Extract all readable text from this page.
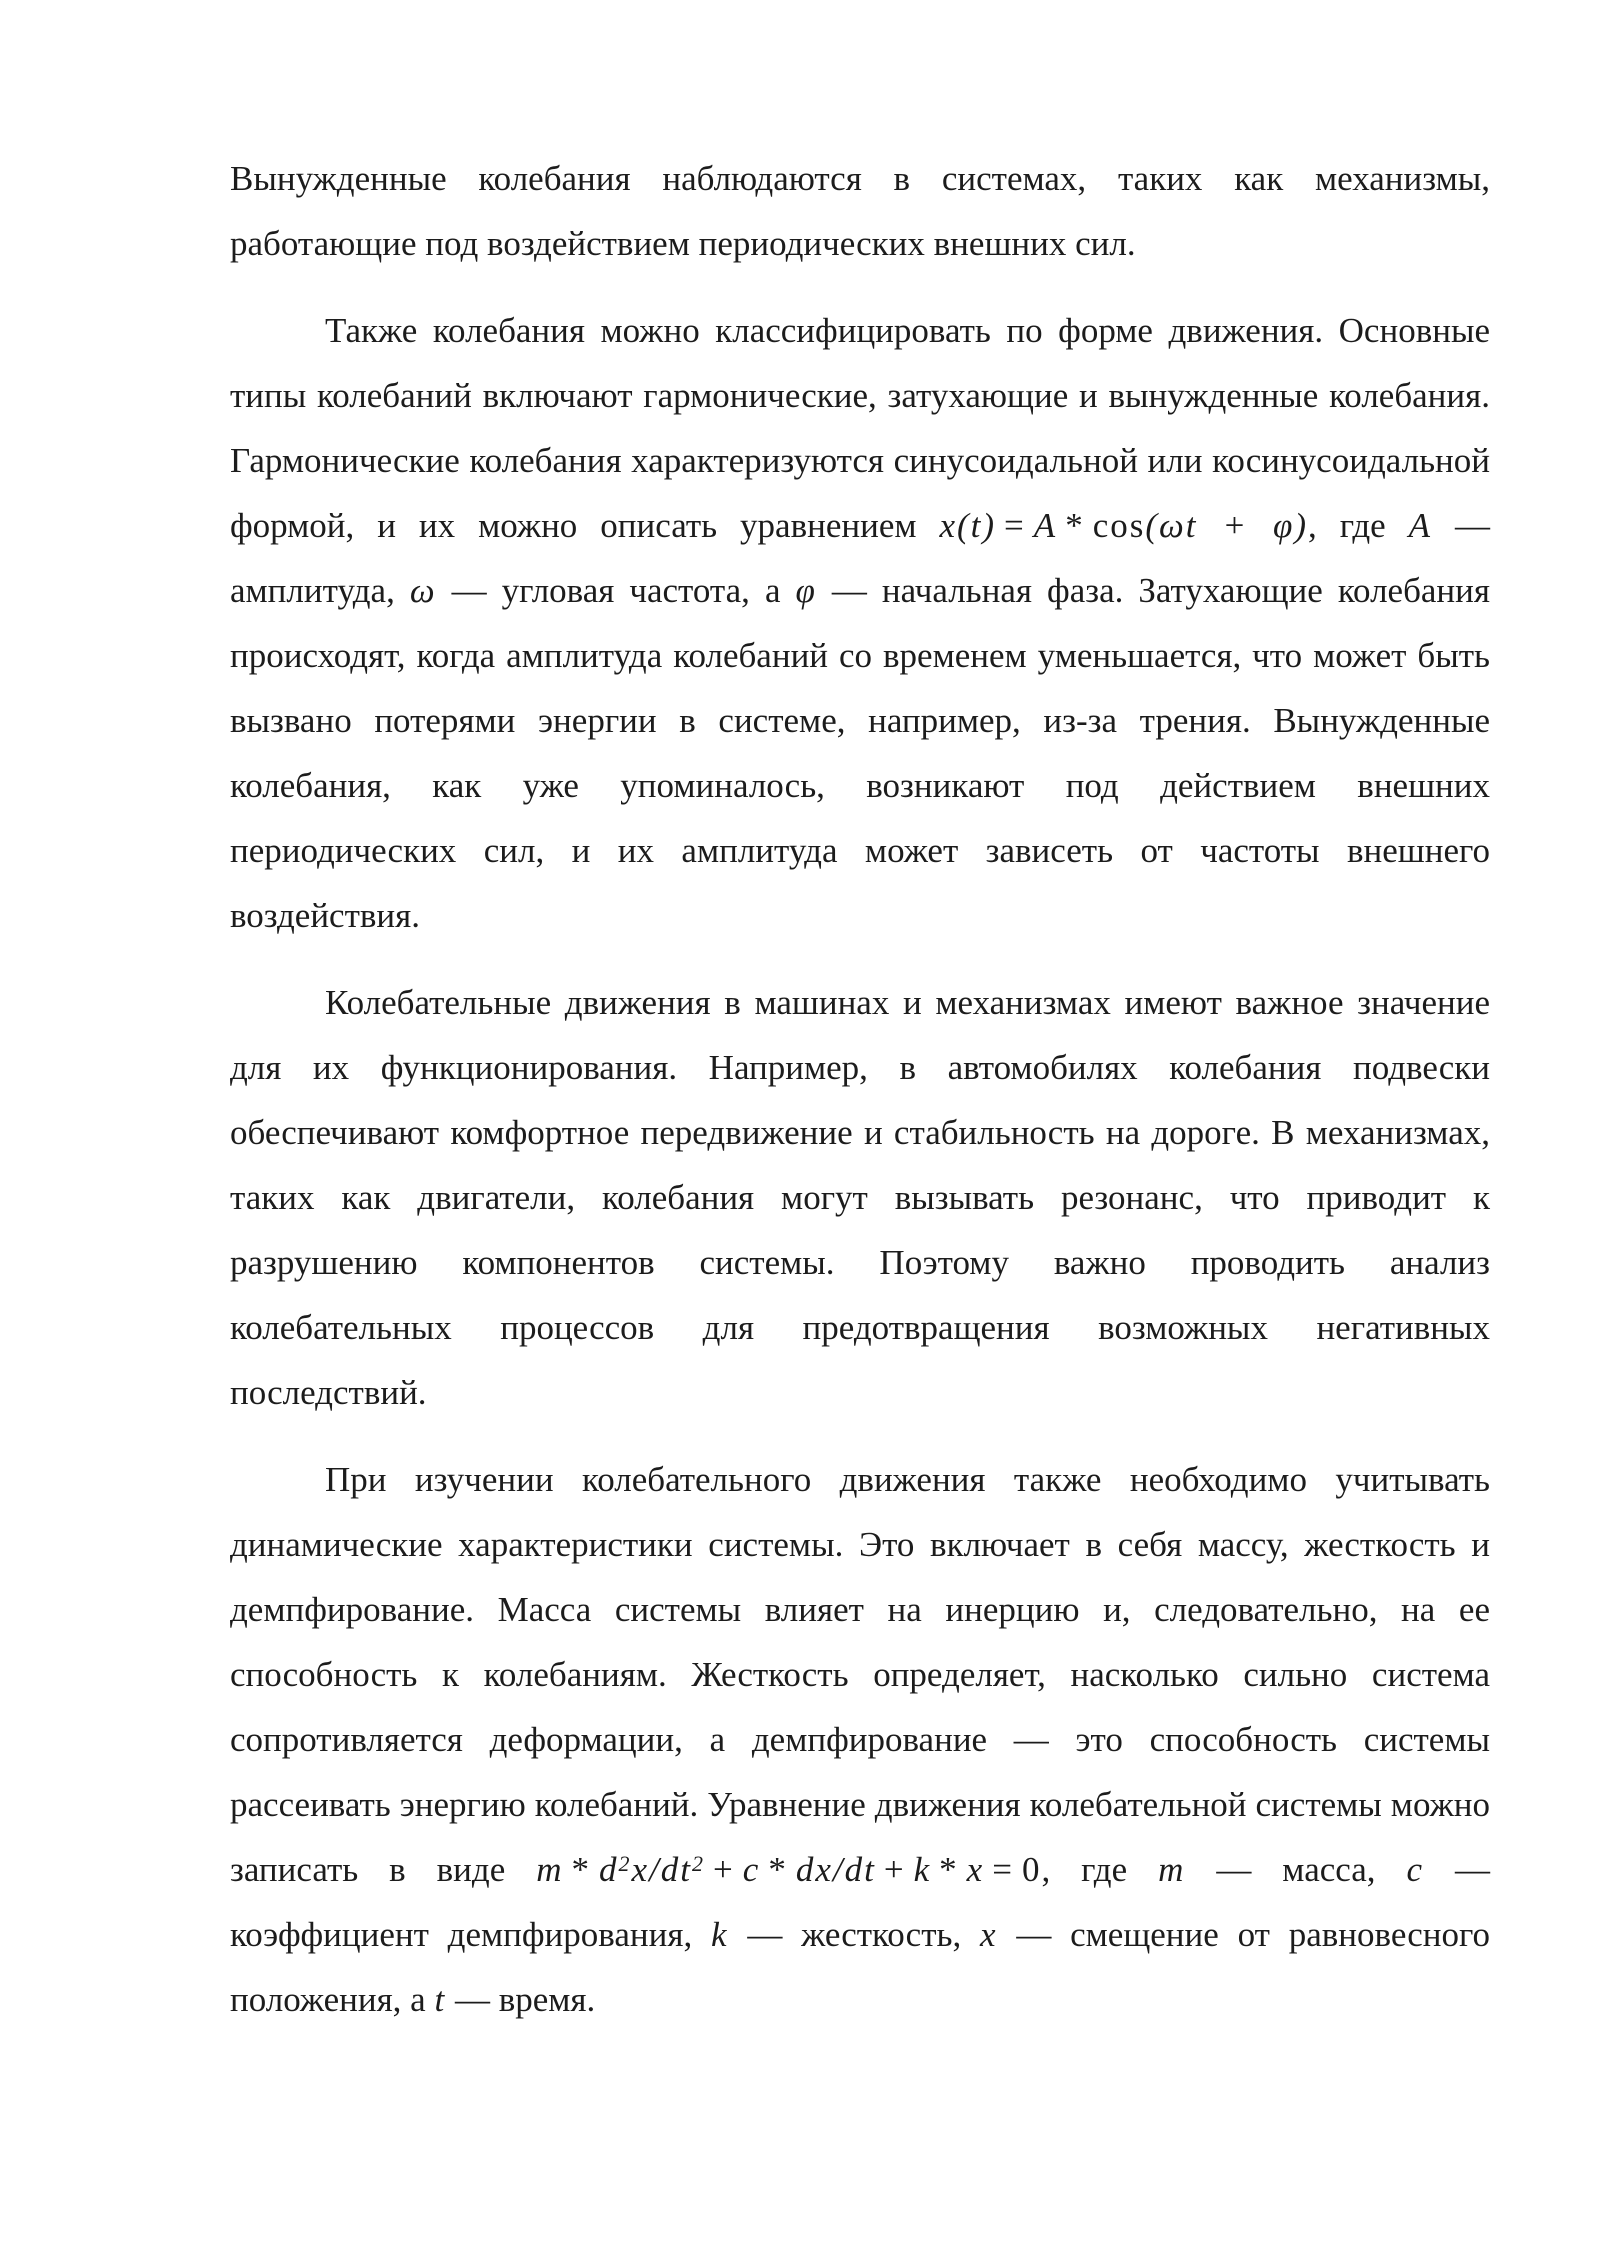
Вынужденные колебания наблюдаются в системах, таких как механизмы, работающие под воздействием периодических внешних сил.

Также колебания можно классифицировать по форме движения. Основные типы колебаний включают гармонические, затухающие и вынужденные колебания. Гармонические колебания характеризуются синусоидальной или косинусоидальной формой, и их можно описать уравнением x(t) = A * cos(ωt + φ), где A — амплитуда, ω — угловая частота, а φ — начальная фаза. Затухающие колебания происходят, когда амплитуда колебаний со временем уменьшается, что может быть вызвано потерями энергии в системе, например, из-за трения. Вынужденные колебания, как уже упоминалось, возникают под действием внешних периодических сил, и их амплитуда может зависеть от частоты внешнего воздействия.

Колебательные движения в машинах и механизмах имеют важное значение для их функционирования. Например, в автомобилях колебания подвески обеспечивают комфортное передвижение и стабильность на дороге. В механизмах, таких как двигатели, колебания могут вызывать резонанс, что приводит к разрушению компонентов системы. Поэтому важно проводить анализ колебательных процессов для предотвращения возможных негативных последствий.

При изучении колебательного движения также необходимо учитывать динамические характеристики системы. Это включает в себя массу, жесткость и демпфирование. Масса системы влияет на инерцию и, следовательно, на ее способность к колебаниям. Жесткость определяет, насколько сильно система сопротивляется деформации, а демпфирование — это способность системы рассеивать энергию колебаний. Уравнение движения колебательной системы можно записать в виде $m * d^2x/dt^2 + c * dx/dt + k * x = 0$, где m — масса, c — коэффициент демпфирования, k — жесткость, x — смещение от равновесного положения, а t — время.
